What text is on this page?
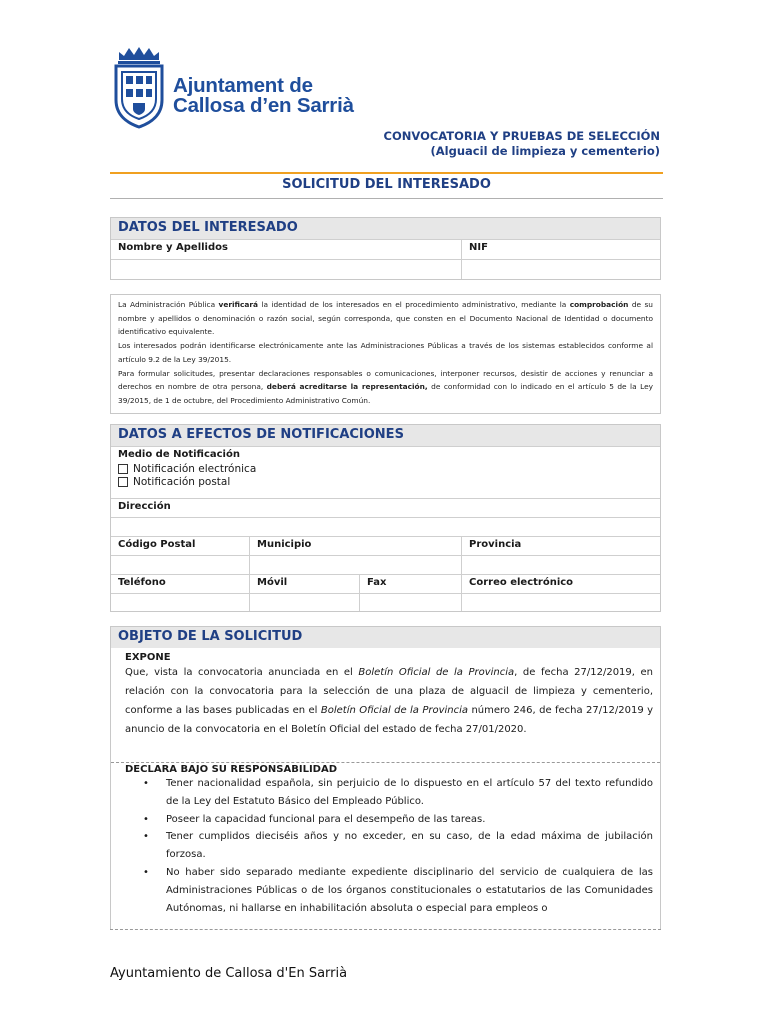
Ajuntament de
Callosa d’en Sarrià
CONVOCATORIA Y PRUEBAS DE SELECCIÓN
(Alguacil de limpieza y cementerio)
SOLICITUD DEL INTERESADO
DATOS DEL INTERESADO
Nombre y Apellidos	NIF
La Administración Pública verificará la identidad de los interesados en el procedimiento administrativo, mediante la comprobación de su nombre y apellidos o denominación o razón social, según corresponda, que consten en el Documento Nacional de Identidad o documento identificativo equivalente.
Los interesados podrán identificarse electrónicamente ante las Administraciones Públicas a través de los sistemas establecidos conforme al artículo 9.2 de la Ley 39/2015.
Para formular solicitudes, presentar declaraciones responsables o comunicaciones, interponer recursos, desistir de acciones y renunciar a derechos en nombre de otra persona, deberá acreditarse la representación, de conformidad con lo indicado en el artículo 5 de la Ley 39/2015, de 1 de octubre, del Procedimiento Administrativo Común.
DATOS A EFECTOS DE NOTIFICACIONES
Medio de Notificación
Notificación electrónica
Notificación postal
Dirección
Código Postal	Municipio	Provincia
Teléfono	Móvil	Fax	Correo electrónico
OBJETO DE LA SOLICITUD
EXPONE
Que, vista la convocatoria anunciada en el Boletín Oficial de la Provincia, de fecha 27/12/2019, en relación con la convocatoria para la selección de una plaza de alguacil de limpieza y cementerio, conforme a las bases publicadas en el Boletín Oficial de la Provincia número 246, de fecha 27/12/2019 y anuncio de la convocatoria en el Boletín Oficial del estado de fecha 27/01/2020.
DECLARA BAJO SU RESPONSABILIDAD
• Tener nacionalidad española, sin perjuicio de lo dispuesto en el artículo 57 del texto refundido de la Ley del Estatuto Básico del Empleado Público.
• Poseer la capacidad funcional para el desempeño de las tareas.
• Tener cumplidos dieciséis años y no exceder, en su caso, de la edad máxima de jubilación forzosa.
• No haber sido separado mediante expediente disciplinario del servicio de cualquiera de las Administraciones Públicas o de los órganos constitucionales o estatutarios de las Comunidades Autónomas, ni hallarse en inhabilitación absoluta o especial para empleos o
Ayuntamiento de Callosa d'En Sarrià
